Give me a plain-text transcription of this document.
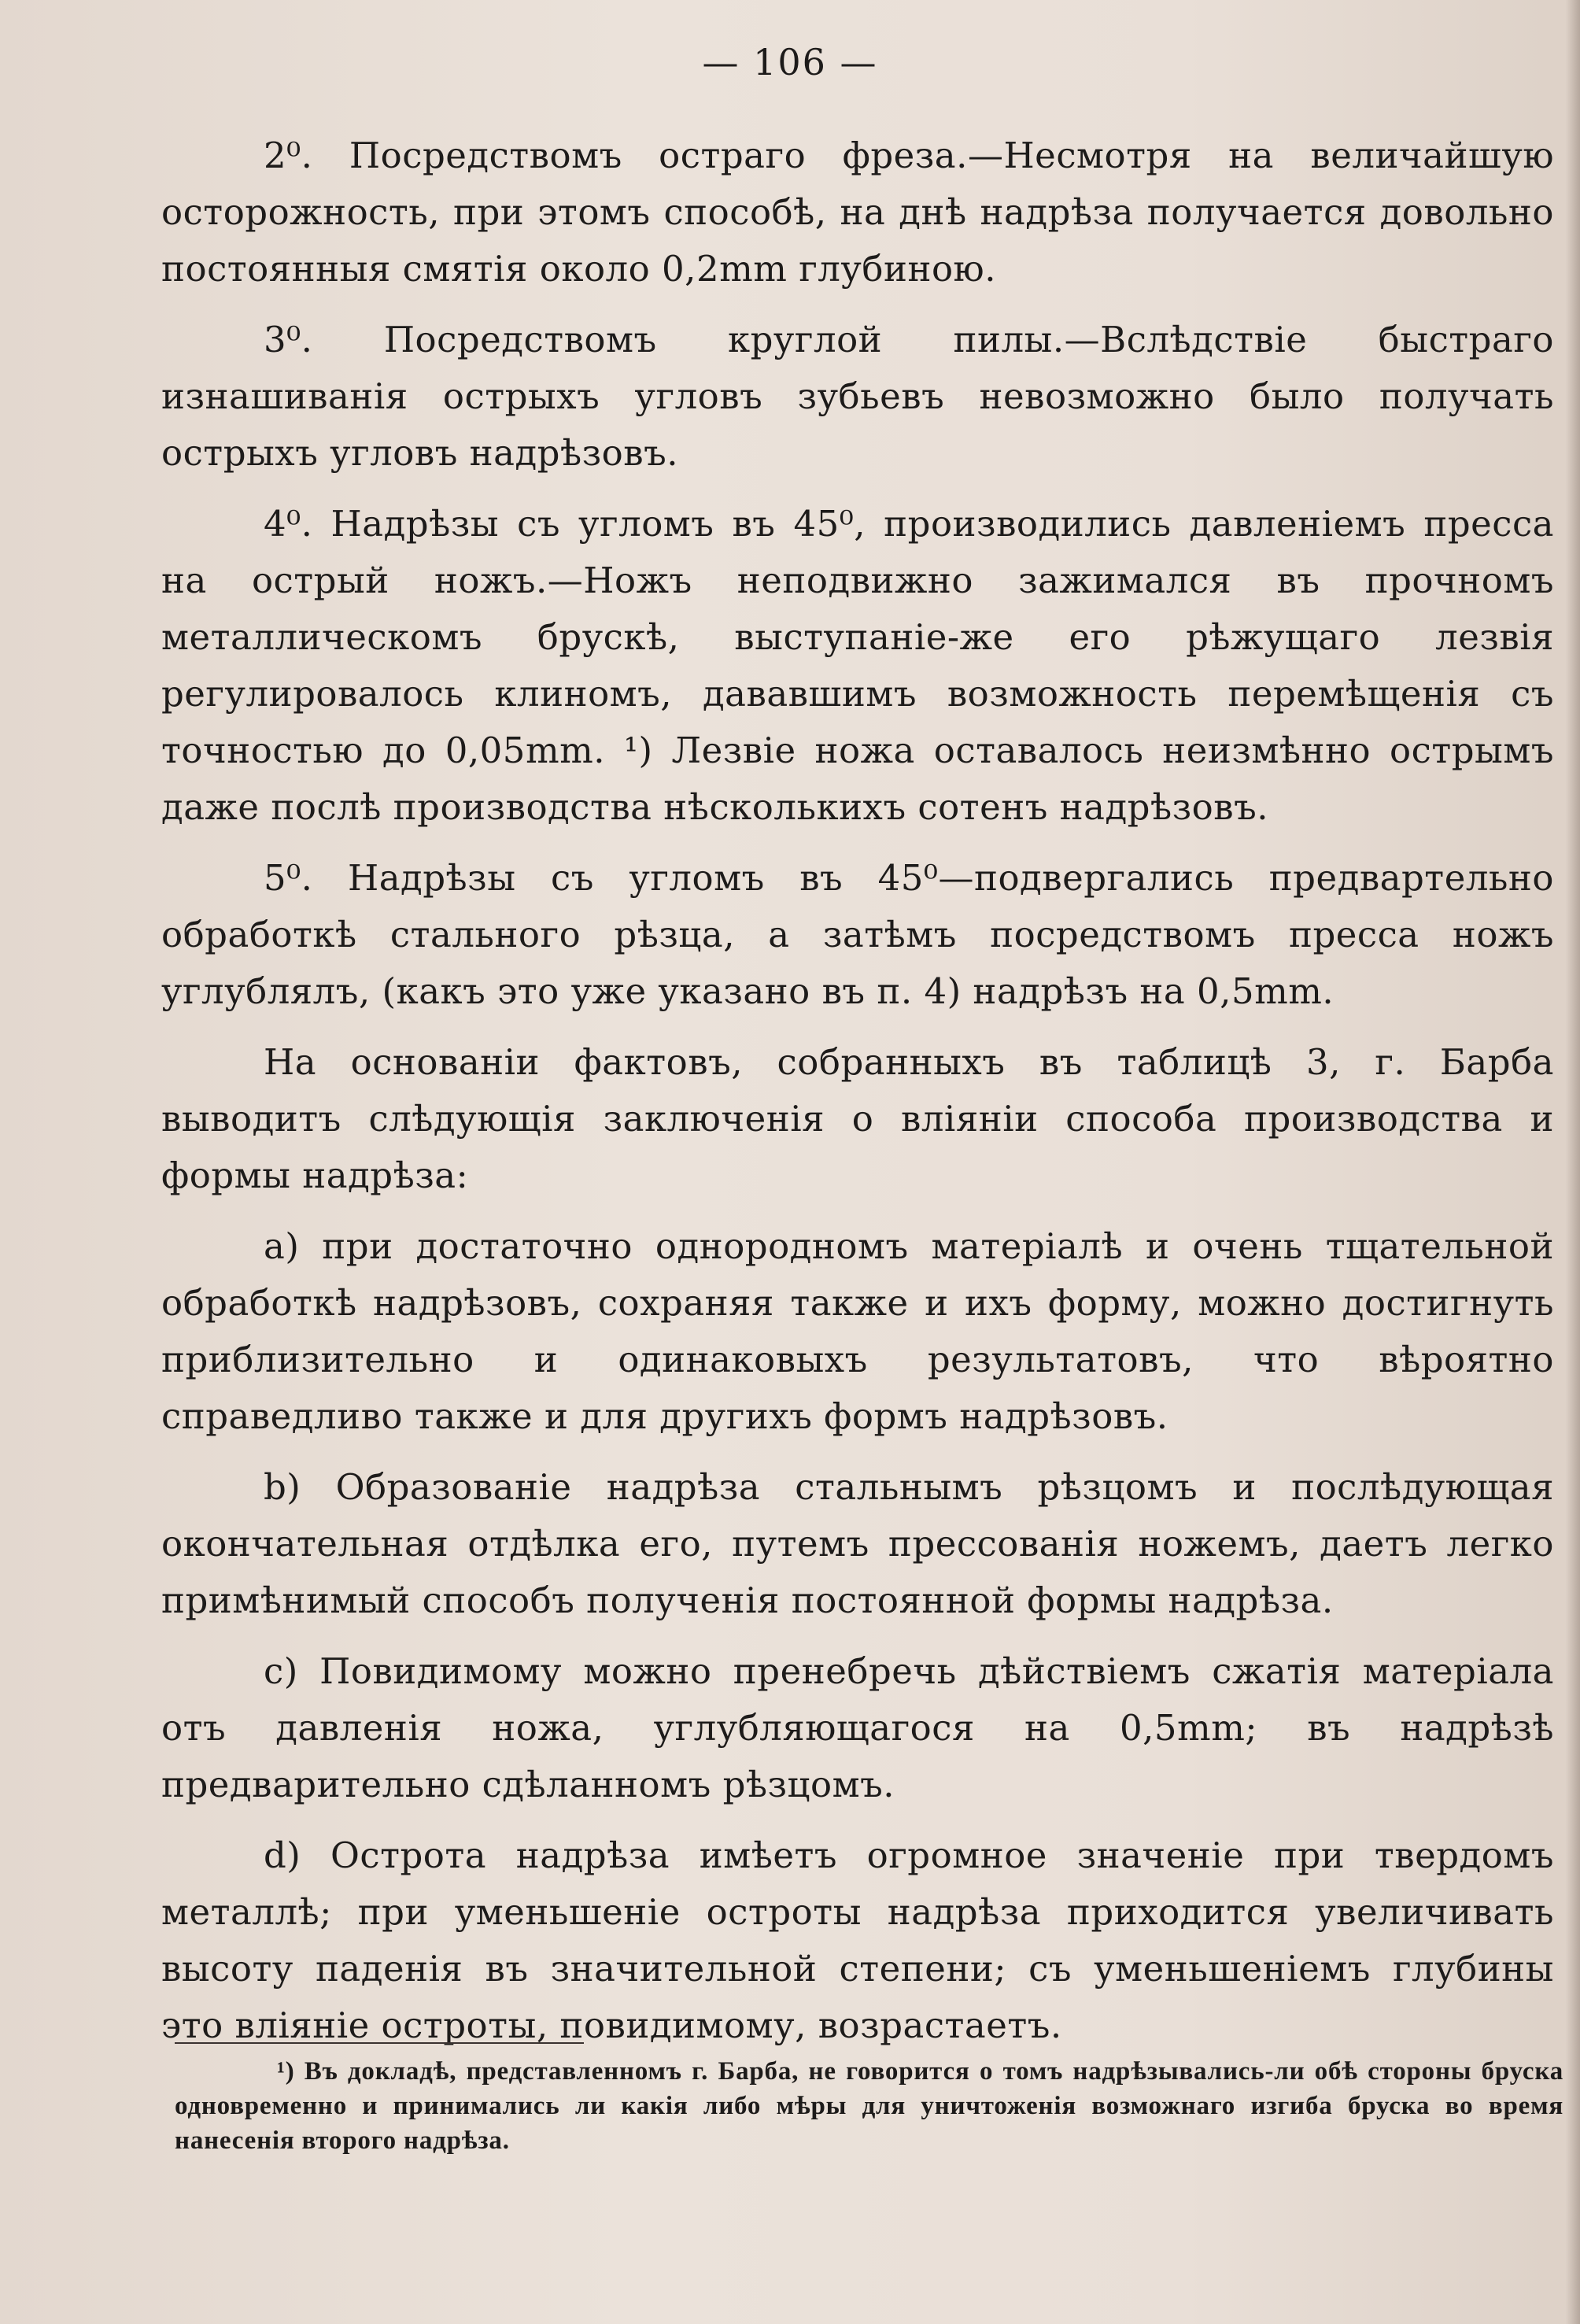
— 106 —

2⁰. Посредствомъ остраго фреза.—Несмотря на величайшую осторожность, при этомъ способѣ, на днѣ надрѣза получается довольно постоянныя смятія около 0,2mm глубиною.

3⁰. Посредствомъ круглой пилы.—Вслѣдствіе быстраго изнашиванія острыхъ угловъ зубьевъ невозможно было получать острыхъ угловъ надрѣзовъ.

4⁰. Надрѣзы съ угломъ въ 45⁰, производились давленіемъ пресса на острый ножъ.—Ножъ неподвижно зажимался въ прочномъ металлическомъ брускѣ, выступаніе-же его рѣжущаго лезвія регулировалось клиномъ, дававшимъ возможность перемѣщенія съ точностью до 0,05mm. ¹) Лезвіе ножа оставалось неизмѣнно острымъ даже послѣ производства нѣсколькихъ сотенъ надрѣзовъ.

5⁰. Надрѣзы съ угломъ въ 45⁰—подвергались предвартельно обработкѣ стального рѣзца, а затѣмъ посредствомъ пресса ножъ углублялъ, (какъ это уже указано въ п. 4) надрѣзъ на 0,5mm.

На основаніи фактовъ, собранныхъ въ таблицѣ 3, г. Барба выводитъ слѣдующія заключенія о вліяніи способа производства и формы надрѣза:

a) при достаточно однородномъ матеріалѣ и очень тщательной обработкѣ надрѣзовъ, сохраняя также и ихъ форму, можно достигнуть приблизительно и одинаковыхъ результатовъ, что вѣроятно справедливо также и для другихъ формъ надрѣзовъ.

b) Образованіе надрѣза стальнымъ рѣзцомъ и послѣдующая окончательная отдѣлка его, путемъ прессованія ножемъ, даетъ легко примѣнимый способъ полученія постоянной формы надрѣза.

c) Повидимому можно пренебречь дѣйствіемъ сжатія матеріала отъ давленія ножа, углубляющагося на 0,5mm; въ надрѣзѣ предварительно сдѣланномъ рѣзцомъ.

d) Острота надрѣза имѣетъ огромное значеніе при твердомъ металлѣ; при уменьшеніе остроты надрѣза приходится увеличивать высоту паденія въ значительной степени; съ уменьшеніемъ глубины это вліяніе остроты, повидимому, возрастаетъ.

¹) Въ докладѣ, представленномъ г. Барба, не говорится о томъ надрѣзывались-ли обѣ стороны бруска одновременно и принимались ли какія либо мѣры для уничтоженія возможнаго изгиба бруска во время нанесенія второго надрѣза.
